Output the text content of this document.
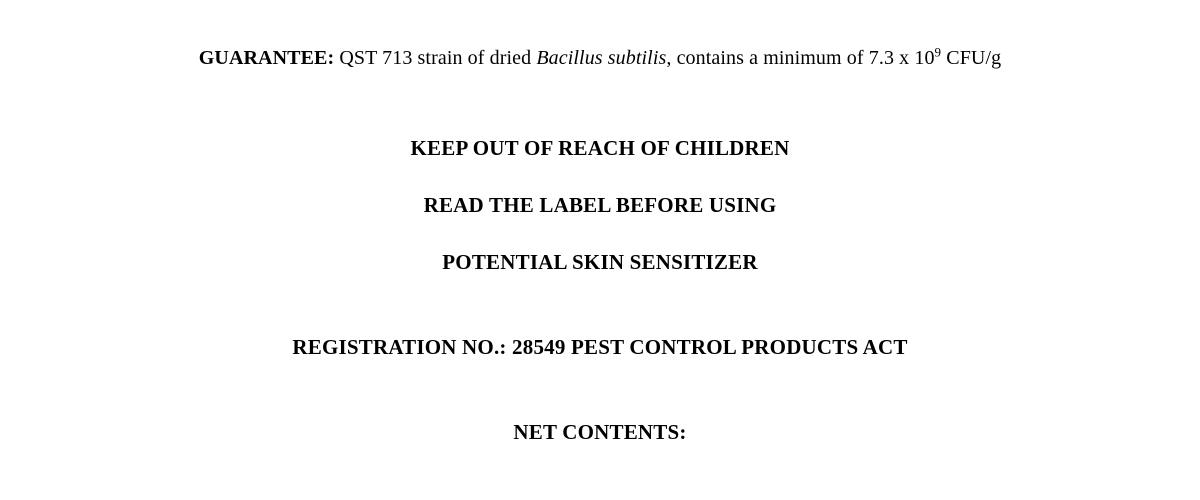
GUARANTEE: QST 713 strain of dried Bacillus subtilis, contains a minimum of 7.3 x $10^9$ CFU/g
KEEP OUT OF REACH OF CHILDREN
READ THE LABEL BEFORE USING
POTENTIAL SKIN SENSITIZER
REGISTRATION NO.: 28549 PEST CONTROL PRODUCTS ACT
NET CONTENTS:
